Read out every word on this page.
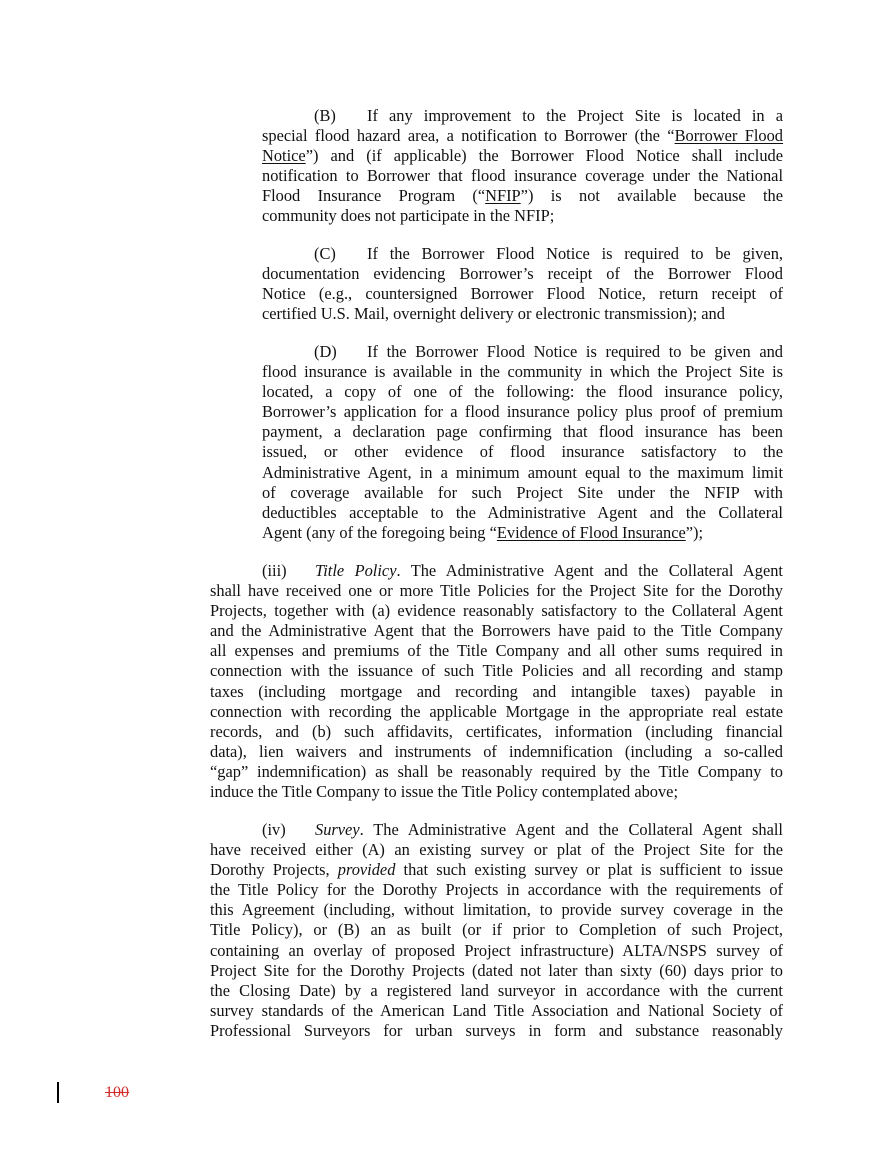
(B) If any improvement to the Project Site is located in a
special flood hazard area, a notification to Borrower (the “Borrower Flood
Notice”) and (if applicable) the Borrower Flood Notice shall include
notification to Borrower that flood insurance coverage under the National
Flood Insurance Program (“NFIP”) is not available because the
community does not participate in the NFIP;
(C) If the Borrower Flood Notice is required to be given,
documentation evidencing Borrower’s receipt of the Borrower Flood
Notice (e.g., countersigned Borrower Flood Notice, return receipt of
certified U.S. Mail, overnight delivery or electronic transmission); and
(D) If the Borrower Flood Notice is required to be given and
flood insurance is available in the community in which the Project Site is
located, a copy of one of the following: the flood insurance policy,
Borrower’s application for a flood insurance policy plus proof of premium
payment, a declaration page confirming that flood insurance has been
issued, or other evidence of flood insurance satisfactory to the
Administrative Agent, in a minimum amount equal to the maximum limit
of coverage available for such Project Site under the NFIP with
deductibles acceptable to the Administrative Agent and the Collateral
Agent (any of the foregoing being “Evidence of Flood Insurance”);
(iii) Title Policy. The Administrative Agent and the Collateral Agent
shall have received one or more Title Policies for the Project Site for the Dorothy
Projects, together with (a) evidence reasonably satisfactory to the Collateral Agent
and the Administrative Agent that the Borrowers have paid to the Title Company
all expenses and premiums of the Title Company and all other sums required in
connection with the issuance of such Title Policies and all recording and stamp
taxes (including mortgage and recording and intangible taxes) payable in
connection with recording the applicable Mortgage in the appropriate real estate
records, and (b) such affidavits, certificates, information (including financial
data), lien waivers and instruments of indemnification (including a so-called
“gap” indemnification) as shall be reasonably required by the Title Company to
induce the Title Company to issue the Title Policy contemplated above;
(iv) Survey. The Administrative Agent and the Collateral Agent shall
have received either (A) an existing survey or plat of the Project Site for the
Dorothy Projects, provided that such existing survey or plat is sufficient to issue
the Title Policy for the Dorothy Projects in accordance with the requirements of
this Agreement (including, without limitation, to provide survey coverage in the
Title Policy), or (B) an as built (or if prior to Completion of such Project,
containing an overlay of proposed Project infrastructure) ALTA/NSPS survey of
Project Site for the Dorothy Projects (dated not later than sixty (60) days prior to
the Closing Date) by a registered land surveyor in accordance with the current
survey standards of the American Land Title Association and National Society of
Professional Surveyors for urban surveys in form and substance reasonably
100
